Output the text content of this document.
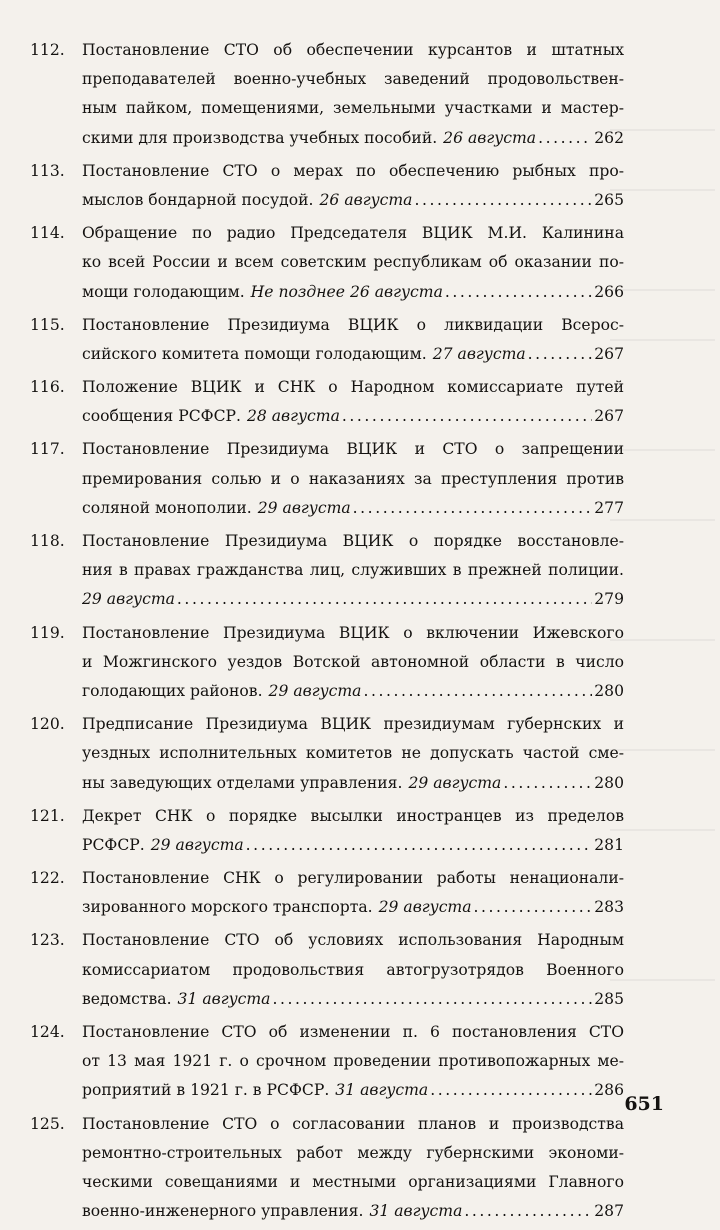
112.	Постановление СТО об обеспечении курсантов и штатных
преподавателей военно-учебных заведений продовольствен-
ным пайком, помещениями, земельными участками и мастер-
скими для производства учебных пособий. 26 августа . . .	262
113.	Постановление СТО о мерах по обеспечению рыбных про-
мыслов бондарной посудой. 26 августа . . .	265
114.	Обращение по радио Председателя ВЦИК М.И. Калинина
ко всей России и всем советским республикам об оказании по-
мощи голодающим. Не позднее 26 августа . . .	266
115.	Постановление Президиума ВЦИК о ликвидации Всерос-
сийского комитета помощи голодающим. 27 августа . . .	267
116.	Положение ВЦИК и СНК о Народном комиссариате путей
сообщения РСФСР. 28 августа . . .	267
117.	Постановление Президиума ВЦИК и СТО о запрещении
премирования солью и о наказаниях за преступления против
соляной монополии. 29 августа . . .	277
118.	Постановление Президиума ВЦИК о порядке восстановле-
ния в правах гражданства лиц, служивших в прежней полиции.
29 августа . . .	279
119.	Постановление Президиума ВЦИК о включении Ижевского
и Можгинского уездов Вотской автономной области в число
голодающих районов. 29 августа . . .	280
120.	Предписание Президиума ВЦИК президиумам губернских и
уездных исполнительных комитетов не допускать частой сме-
ны заведующих отделами управления. 29 августа . . .	280
121.	Декрет СНК о порядке высылки иностранцев из пределов
РСФСР. 29 августа . . .	281
122.	Постановление СНК о регулировании работы ненационали-
зированного морского транспорта. 29 августа . . .	283
123.	Постановление СТО об условиях использования Народным
комиссариатом продовольствия автогрузотрядов Военного
ведомства. 31 августа . . .	285
124.	Постановление СТО об изменении п. 6 постановления СТО
от 13 мая 1921 г. о срочном проведении противопожарных ме-
роприятий в 1921 г. в РСФСР. 31 августа . . .	286
125.	Постановление СТО о согласовании планов и производства
ремонтно-строительных работ между губернскими экономи-
ческими совещаниями и местными организациями Главного
военно-инженерного управления. 31 августа . . .	287
651
